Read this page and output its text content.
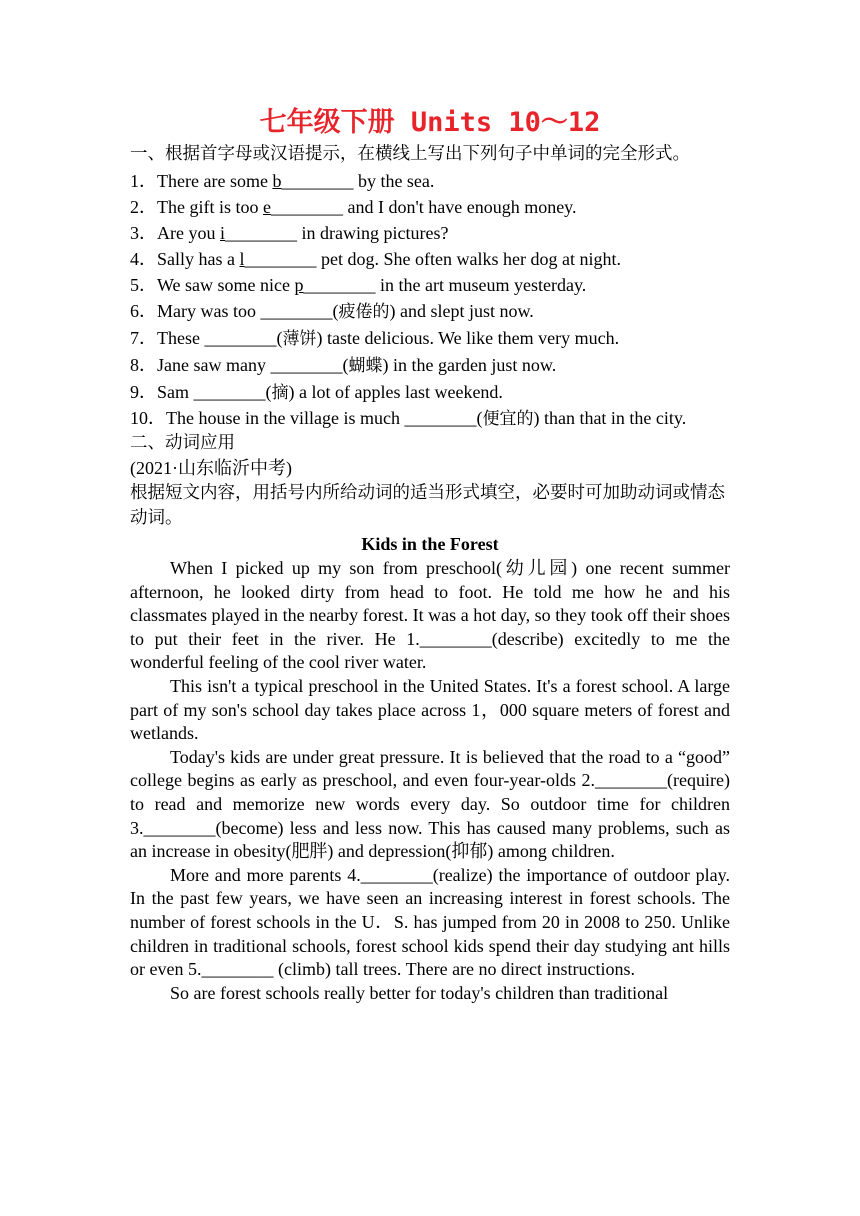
七年级下册 Units 10～12
一、根据首字母或汉语提示，在横线上写出下列句子中单词的完全形式。
1．There are some b________ by the sea.
2．The gift is too e________ and I don't have enough money.
3．Are you i________ in drawing pictures?
4．Sally has a l________ pet dog. She often walks her dog at night.
5．We saw some nice p________ in the art museum yesterday.
6．Mary was too ________(疲倦的) and slept just now.
7．These ________(薄饼) taste delicious. We like them very much.
8．Jane saw many ________(蝴蝶) in the garden just now.
9．Sam ________(摘) a lot of apples last weekend.
10．The house in the village is much ________(便宜的) than that in the city.
二、动词应用
(2021·山东临沂中考)
根据短文内容，用括号内所给动词的适当形式填空，必要时可加助动词或情态动词。
Kids in the Forest

When I picked up my son from preschool(幼儿园) one recent summer afternoon, he looked dirty from head to foot. He told me how he and his classmates played in the nearby forest. It was a hot day, so they took off their shoes to put their feet in the river. He 1.________(describe) excitedly to me the wonderful feeling of the cool river water.

This isn't a typical preschool in the United States. It's a forest school. A large part of my son's school day takes place across 1，000 square meters of forest and wetlands.

Today's kids are under great pressure. It is believed that the road to a “good” college begins as early as preschool, and even four-year-olds 2.________(require) to read and memorize new words every day. So outdoor time for children 3.________(become) less and less now. This has caused many problems, such as an increase in obesity(肥胖) and depression(抑郁) among children.

More and more parents 4.________(realize) the importance of outdoor play. In the past few years, we have seen an increasing interest in forest schools. The number of forest schools in the U．S. has jumped from 20 in 2008 to 250. Unlike children in traditional schools, forest school kids spend their day studying ant hills or even 5.________ (climb) tall trees. There are no direct instructions.

So are forest schools really better for today's children than traditional
